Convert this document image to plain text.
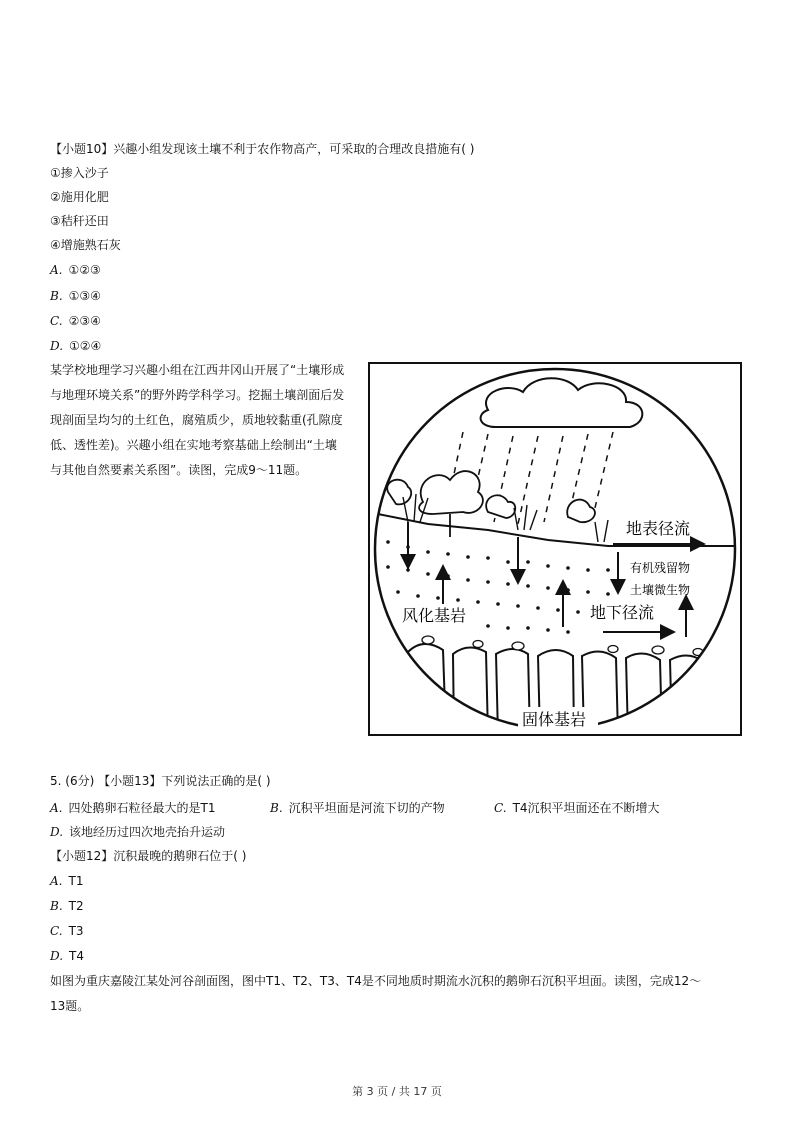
【小题10】兴趣小组发现该土壤不利于农作物高产，可采取的合理改良措施有( )
①掺入沙子
②施用化肥
③秸秆还田
④增施熟石灰
A. ①②③
B. ①③④
C. ②③④
D. ①②④
某学校地理学习兴趣小组在江西井冈山开展了“土壤形成
与地理环境关系”的野外跨学科学习。挖掘土壤剖面后发
现剖面呈均匀的土红色，腐殖质少，质地较黏重(孔隙度
低、透性差)。兴趣小组在实地考察基础上绘制出“土壤
与其他自然要素关系图”。读图，完成9～11题。
地表径流
有机残留物
土壤微生物
风化基岩	地下径流
固体基岩
5. (6分) 【小题13】下列说法正确的是( )
A. 四处鹅卵石粒径最大的是T1	B. 沉积平坦面是河流下切的产物	C. T4沉积平坦面还在不断增大
D. 该地经历过四次地壳抬升运动
【小题12】沉积最晚的鹅卵石位于( )
A. T1
B. T2
C. T3
D. T4
如图为重庆嘉陵江某处河谷剖面图，图中T1、T2、T3、T4是不同地质时期流水沉积的鹅卵石沉积平坦面。读图，完成12～
13题。
第 3 页 / 共 17 页
